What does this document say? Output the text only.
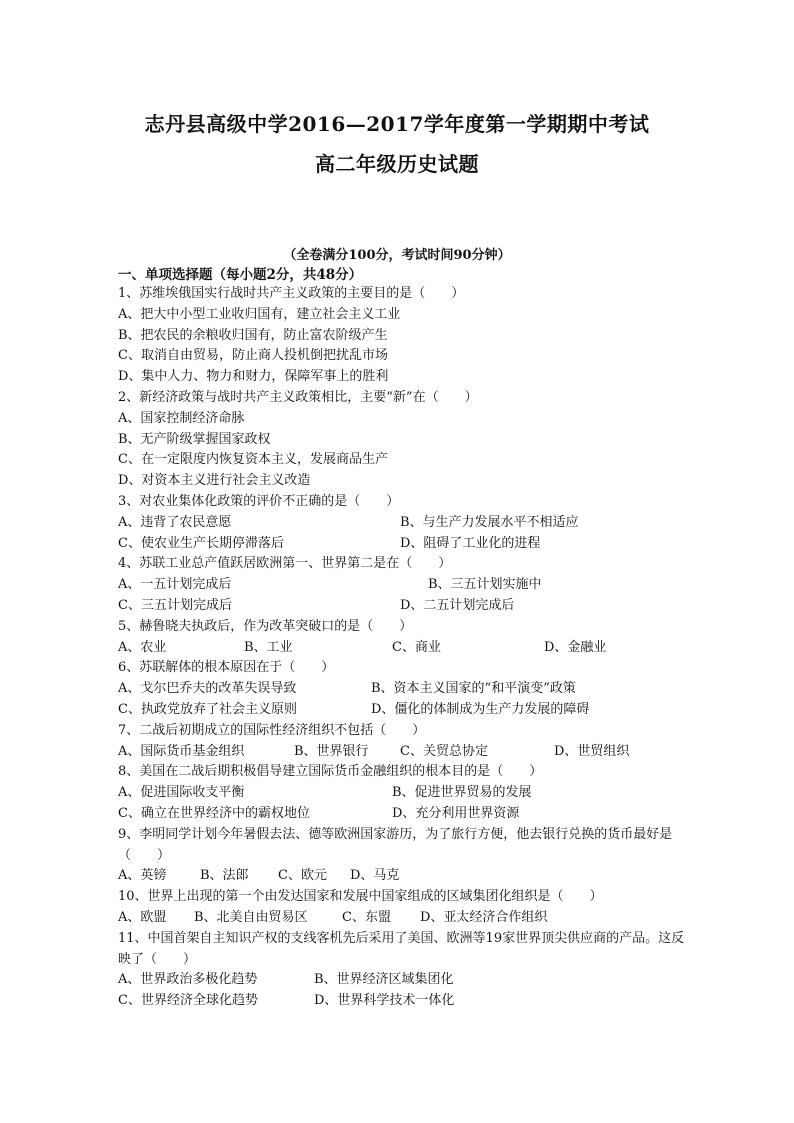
志丹县高级中学2016—2017学年度第一学期期中考试
高二年级历史试题
（全卷满分100分，考试时间90分钟）
一、单项选择题（每小题2分，共48分）
1、苏维埃俄国实行战时共产主义政策的主要目的是（　　）
A、把大中小型工业收归国有，建立社会主义工业
B、把农民的余粮收归国有，防止富农阶级产生
C、取消自由贸易，防止商人投机倒把扰乱市场
D、集中人力、物力和财力，保障军事上的胜利
2、新经济政策与战时共产主义政策相比，主要“新”在（　　）
A、国家控制经济命脉
B、无产阶级掌握国家政权
C、在一定限度内恢复资本主义，发展商品生产
D、对资本主义进行社会主义改造
3、对农业集体化政策的评价不正确的是（　　）
A、违背了农民意愿	B、与生产力发展水平不相适应
C、使农业生产长期停滞落后	D、阻碍了工业化的进程
4、苏联工业总产值跃居欧洲第一、世界第二是在（　　）
A、一五计划完成后	B、三五计划实施中
C、三五计划完成后	D、二五计划完成后
5、赫鲁晓夫执政后，作为改革突破口的是（　　）
A、农业	B、工业	C、商业	D、金融业
6、苏联解体的根本原因在于（　　）
A、戈尔巴乔夫的改革失误导致	B、资本主义国家的“和平演变”政策
C、执政党放弃了社会主义原则	D、僵化的体制成为生产力发展的障碍
7、二战后初期成立的国际性经济组织不包括（　　）
A、国际货币基金组织	B、世界银行	C、关贸总协定	D、世贸组织
8、美国在二战后期积极倡导建立国际货币金融组织的根本目的是（　　）
A、促进国际收支平衡	B、促进世界贸易的发展
C、确立在世界经济中的霸权地位	D、充分利用世界资源
9、李明同学计划今年暑假去法、德等欧洲国家游历，为了旅行方便，他去银行兑换的货币最好是（　　）
A、英镑	B、法郎	C、欧元	D、马克
10、世界上出现的第一个由发达国家和发展中国家组成的区域集团化组织是（　　）
A、欧盟	B、北美自由贸易区	C、东盟	D、亚太经济合作组织
11、中国首架自主知识产权的支线客机先后采用了美国、欧洲等19家世界顶尖供应商的产品。这反映了（　　）
A、世界政治多极化趋势	B、世界经济区域集团化
C、世界经济全球化趋势	D、世界科学技术一体化
